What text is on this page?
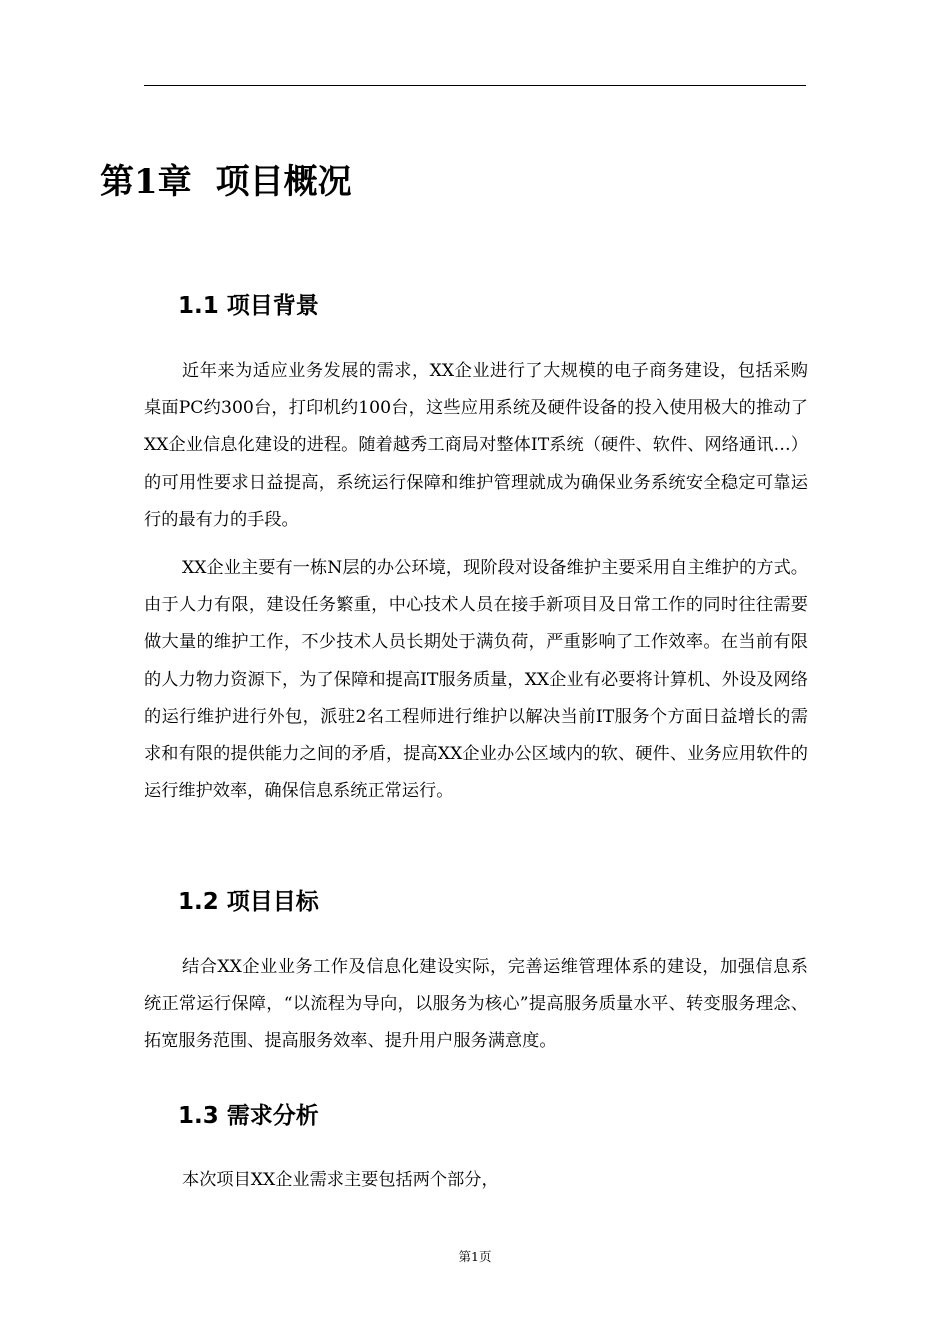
第1章 项目概况
1.1 项目背景

近年来为适应业务发展的需求，XX企业进行了大规模的电子商务建设，包括采购桌面PC约300台，打印机约100台，这些应用系统及硬件设备的投入使用极大的推动了XX企业信息化建设的进程。随着越秀工商局对整体IT系统（硬件、软件、网络通讯…）的可用性要求日益提高，系统运行保障和维护管理就成为确保业务系统安全稳定可靠运行的最有力的手段。

XX企业主要有一栋N层的办公环境，现阶段对设备维护主要采用自主维护的方式。由于人力有限，建设任务繁重，中心技术人员在接手新项目及日常工作的同时往往需要做大量的维护工作，不少技术人员长期处于满负荷，严重影响了工作效率。在当前有限的人力物力资源下，为了保障和提高IT服务质量，XX企业有必要将计算机、外设及网络的运行维护进行外包，派驻2名工程师进行维护以解决当前IT服务个方面日益增长的需求和有限的提供能力之间的矛盾，提高XX企业办公区域内的软、硬件、业务应用软件的运行维护效率，确保信息系统正常运行。

1.2 项目目标

结合XX企业业务工作及信息化建设实际，完善运维管理体系的建设，加强信息系统正常运行保障，“以流程为导向，以服务为核心”提高服务质量水平、转变服务理念、拓宽服务范围、提高服务效率、提升用户服务满意度。

1.3 需求分析

本次项目XX企业需求主要包括两个部分，

第1页
